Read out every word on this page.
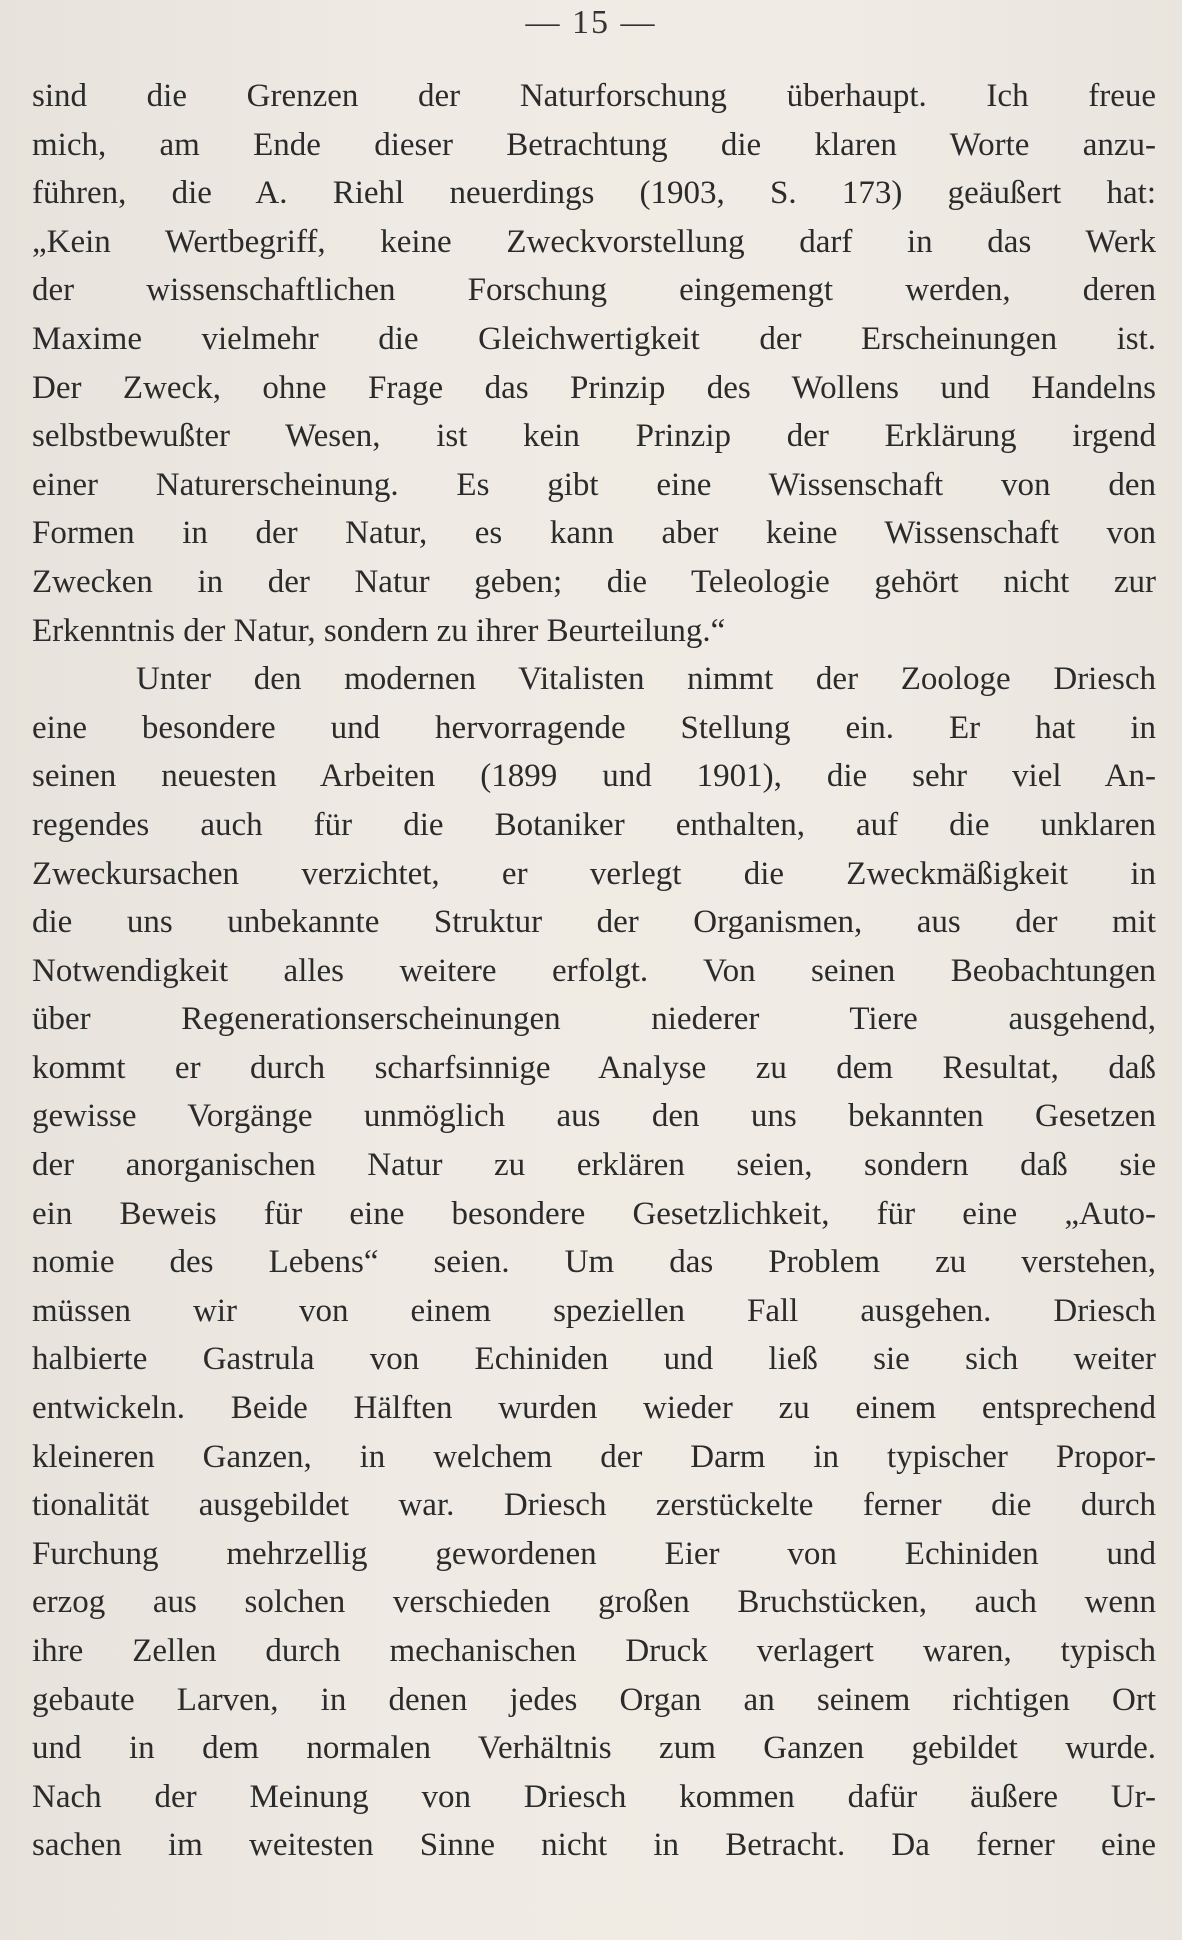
— 15 —
sind die Grenzen der Naturforschung überhaupt. Ich freue
mich, am Ende dieser Betrachtung die klaren Worte anzu-
führen, die A. Riehl neuerdings (1903, S. 173) geäußert hat:
„Kein Wertbegriff, keine Zweckvorstellung darf in das Werk
der wissenschaftlichen Forschung eingemengt werden, deren
Maxime vielmehr die Gleichwertigkeit der Erscheinungen ist.
Der Zweck, ohne Frage das Prinzip des Wollens und Handelns
selbstbewußter Wesen, ist kein Prinzip der Erklärung irgend
einer Naturerscheinung. Es gibt eine Wissenschaft von den
Formen in der Natur, es kann aber keine Wissenschaft von
Zwecken in der Natur geben; die Teleologie gehört nicht zur
Erkenntnis der Natur, sondern zu ihrer Beurteilung.“
Unter den modernen Vitalisten nimmt der Zoologe Driesch
eine besondere und hervorragende Stellung ein. Er hat in
seinen neuesten Arbeiten (1899 und 1901), die sehr viel An-
regendes auch für die Botaniker enthalten, auf die unklaren
Zweckursachen verzichtet, er verlegt die Zweckmäßigkeit in
die uns unbekannte Struktur der Organismen, aus der mit
Notwendigkeit alles weitere erfolgt. Von seinen Beobachtungen
über Regenerationserscheinungen niederer Tiere ausgehend,
kommt er durch scharfsinnige Analyse zu dem Resultat, daß
gewisse Vorgänge unmöglich aus den uns bekannten Gesetzen
der anorganischen Natur zu erklären seien, sondern daß sie
ein Beweis für eine besondere Gesetzlichkeit, für eine „Auto-
nomie des Lebens“ seien. Um das Problem zu verstehen,
müssen wir von einem speziellen Fall ausgehen. Driesch
halbierte Gastrula von Echiniden und ließ sie sich weiter
entwickeln. Beide Hälften wurden wieder zu einem entsprechend
kleineren Ganzen, in welchem der Darm in typischer Propor-
tionalität ausgebildet war. Driesch zerstückelte ferner die durch
Furchung mehrzellig gewordenen Eier von Echiniden und
erzog aus solchen verschieden großen Bruchstücken, auch wenn
ihre Zellen durch mechanischen Druck verlagert waren, typisch
gebaute Larven, in denen jedes Organ an seinem richtigen Ort
und in dem normalen Verhältnis zum Ganzen gebildet wurde.
Nach der Meinung von Driesch kommen dafür äußere Ur-
sachen im weitesten Sinne nicht in Betracht. Da ferner eine
